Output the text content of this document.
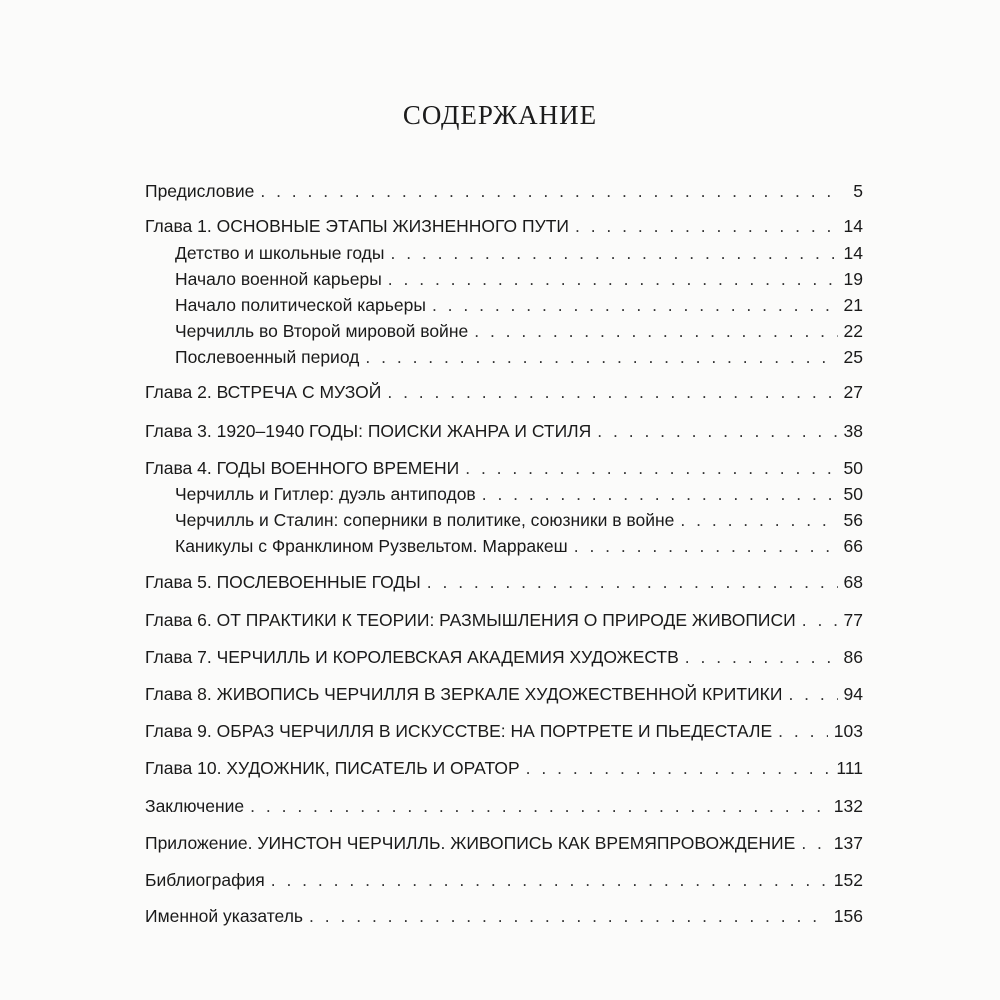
СОДЕРЖАНИЕ
Предисловие . . .	5
Глава 1. ОСНОВНЫЕ ЭТАПЫ ЖИЗНЕННОГО ПУТИ . . .	14
Детство и школьные годы . . .	14
Начало военной карьеры . . .	19
Начало политической карьеры . . .	21
Черчилль во Второй мировой войне . . .	22
Послевоенный период . . .	25
Глава 2. ВСТРЕЧА С МУЗОЙ . . .	27
Глава 3. 1920–1940 ГОДЫ: ПОИСКИ ЖАНРА И СТИЛЯ . . .	38
Глава 4. ГОДЫ ВОЕННОГО ВРЕМЕНИ . . .	50
Черчилль и Гитлер: дуэль антиподов . . .	50
Черчилль и Сталин: соперники в политике, союзники в войне . . .	56
Каникулы с Франклином Рузвельтом. Марракеш . . .	66
Глава 5. ПОСЛЕВОЕННЫЕ ГОДЫ . . .	68
Глава 6. ОТ ПРАКТИКИ К ТЕОРИИ: РАЗМЫШЛЕНИЯ О ПРИРОДЕ ЖИВОПИСИ . . .	77
Глава 7. ЧЕРЧИЛЛЬ И КОРОЛЕВСКАЯ АКАДЕМИЯ ХУДОЖЕСТВ . . .	86
Глава 8. ЖИВОПИСЬ ЧЕРЧИЛЛЯ В ЗЕРКАЛЕ ХУДОЖЕСТВЕННОЙ КРИТИКИ . . .	94
Глава 9. ОБРАЗ ЧЕРЧИЛЛЯ В ИСКУССТВЕ: НА ПОРТРЕТЕ И ПЬЕДЕСТАЛЕ . . .	103
Глава 10. ХУДОЖНИК, ПИСАТЕЛЬ И ОРАТОР . . .	111
Заключение . . .	132
Приложение. УИНСТОН ЧЕРЧИЛЛЬ. ЖИВОПИСЬ КАК ВРЕМЯПРОВОЖДЕНИЕ . . . 137
Библиография . . .	152
Именной указатель . . .	156
